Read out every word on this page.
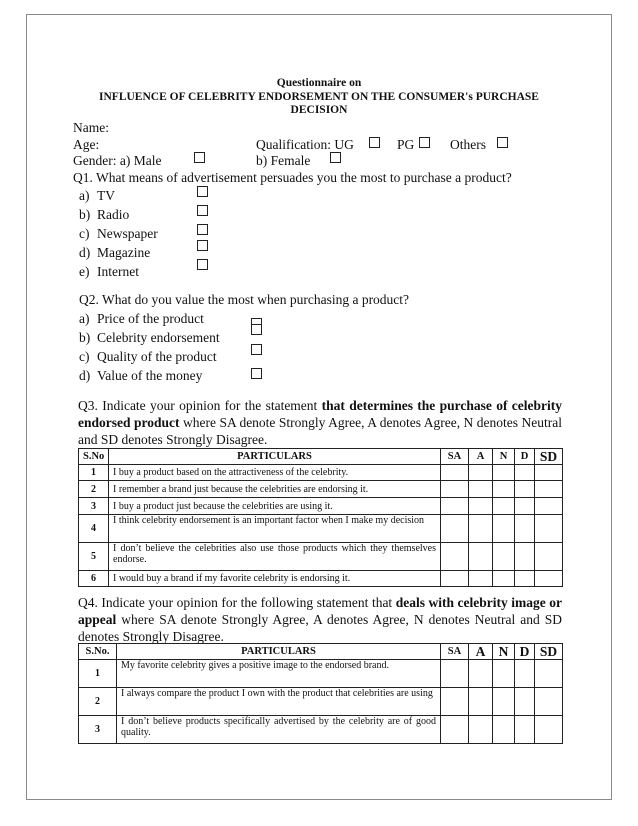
Questionnaire on
INFLUENCE OF CELEBRITY ENDORSEMENT ON THE CONSUMER's PURCHASE
DECISION
Name:
Age:	Qualification: UG	PG	Others
Gender: a) Male	b) Female
Q1. What means of advertisement persuades you the most to purchase a product?
a) TV
b) Radio
c) Newspaper
d) Magazine
e) Internet
Q2. What do you value the most when purchasing a product?
a) Price of the product
b) Celebrity endorsement
c) Quality of the product
d) Value of the money
Q3. Indicate your opinion for the statement that determines the purchase of celebrity endorsed product where SA denote Strongly Agree, A denotes Agree, N denotes Neutral and SD denotes Strongly Disagree.
S.No	PARTICULARS	SA	A	N	D	SD
1	I buy a product based on the attractiveness of the celebrity.					
2	I remember a brand just because the celebrities are endorsing it.					
3	I buy a product just because the celebrities are using it.					
4	I think celebrity endorsement is an important factor when I make my decision					
5	I don’t believe the celebrities also use those products which they themselves endorse.					
6	I would buy a brand if my favorite celebrity is endorsing it.					
Q4. Indicate your opinion for the following statement that deals with celebrity image or appeal where SA denote Strongly Agree, A denotes Agree, N denotes Neutral and SD denotes Strongly Disagree.
S.No.	PARTICULARS	SA	A	N	D	SD
1	My favorite celebrity gives a positive image to the endorsed brand.					
2	I always compare the product I own with the product that celebrities are using					
3	I don’t believe products specifically advertised by the celebrity are of good quality.					
